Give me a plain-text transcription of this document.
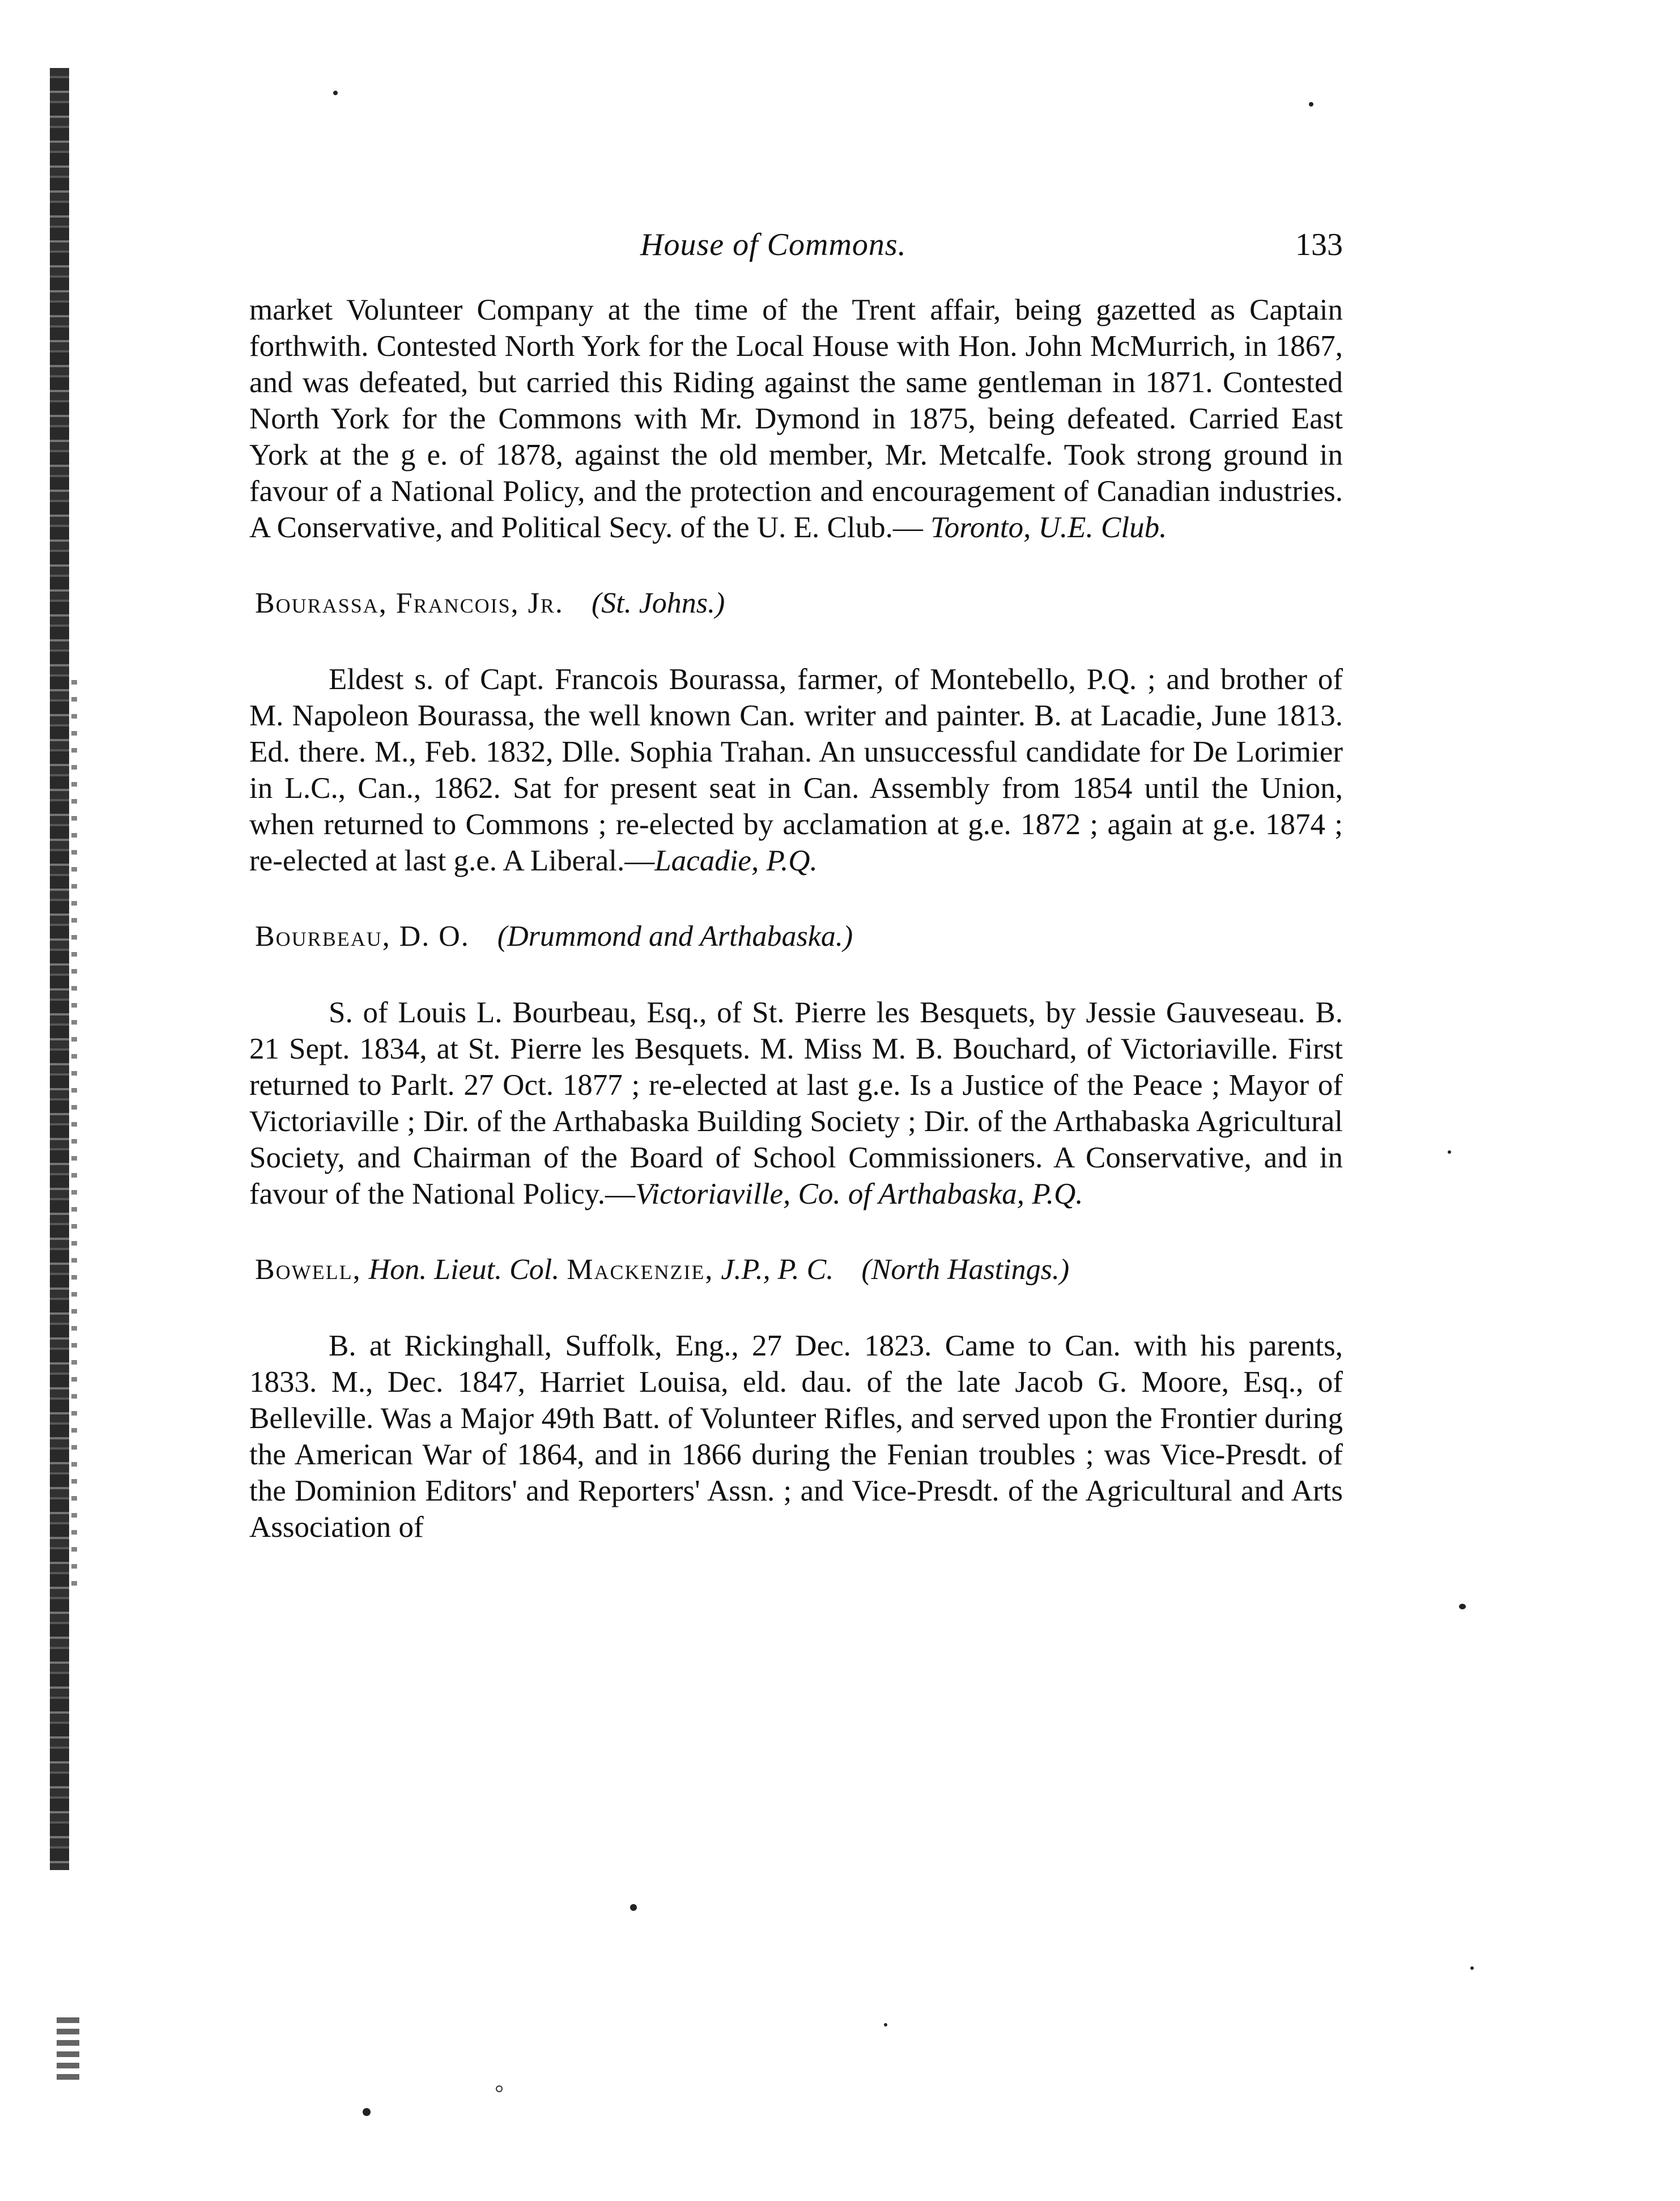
House of Commons.	133

market Volunteer Company at the time of the Trent affair, being gazetted as Captain forthwith. Contested North York for the Local House with Hon. John McMurrich, in 1867, and was defeated, but carried this Riding against the same gentleman in 1871. Contested North York for the Commons with Mr. Dymond in 1875, being defeated. Carried East York at the g e. of 1878, against the old member, Mr. Metcalfe. Took strong ground in favour of a National Policy, and the protection and encouragement of Canadian industries. A Conservative, and Political Secy. of the U. E. Club.— Toronto, U.E. Club.

Bourassa, Francois, Jr. (St. Johns.)

Eldest s. of Capt. Francois Bourassa, farmer, of Montebello, P.Q. ; and brother of M. Napoleon Bourassa, the well known Can. writer and painter. B. at Lacadie, June 1813. Ed. there. M., Feb. 1832, Dlle. Sophia Trahan. An unsuccessful candidate for De Lorimier in L.C., Can., 1862. Sat for present seat in Can. Assembly from 1854 until the Union, when returned to Commons ; re-elected by acclamation at g.e. 1872 ; again at g.e. 1874 ; re-elected at last g.e. A Liberal.—Lacadie, P.Q.

Bourbeau, D. O. (Drummond and Arthabaska.)

S. of Louis L. Bourbeau, Esq., of St. Pierre les Besquets, by Jessie Gauveseau. B. 21 Sept. 1834, at St. Pierre les Besquets. M. Miss M. B. Bouchard, of Victoriaville. First returned to Parlt. 27 Oct. 1877 ; re-elected at last g.e. Is a Justice of the Peace ; Mayor of Victoriaville ; Dir. of the Arthabaska Building Society ; Dir. of the Arthabaska Agricultural Society, and Chairman of the Board of School Commissioners. A Conservative, and in favour of the National Policy.—Victoriaville, Co. of Arthabaska, P.Q.

Bowell, Hon. Lieut. Col. Mackenzie, J.P., P. C. (North Hastings.)

B. at Rickinghall, Suffolk, Eng., 27 Dec. 1823. Came to Can. with his parents, 1833. M., Dec. 1847, Harriet Louisa, eld. dau. of the late Jacob G. Moore, Esq., of Belleville. Was a Major 49th Batt. of Volunteer Rifles, and served upon the Frontier during the American War of 1864, and in 1866 during the Fenian troubles ; was Vice-Presdt. of the Dominion Editors' and Reporters' Assn. ; and Vice-Presdt. of the Agricultural and Arts Association of
